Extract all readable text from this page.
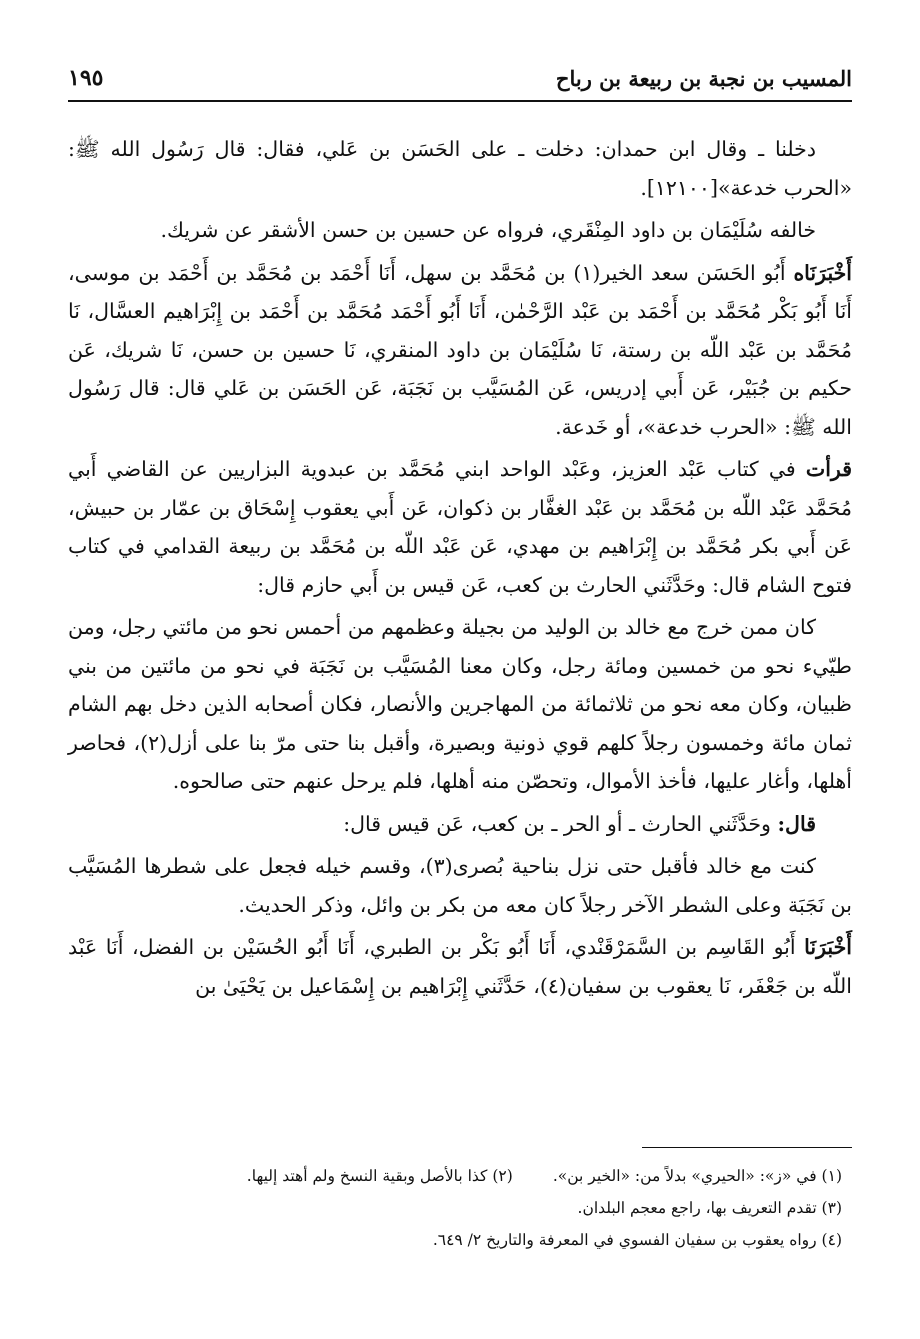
المسيب بن نجبة بن ربيعة بن رباح
١٩٥

دخلنا ـ وقال ابن حمدان: دخلت ـ على الحَسَن بن عَلي، فقال: قال رَسُول الله ﷺ: «الحرب خدعة»[١٢١٠٠].

خالفه سُلَيْمَان بن داود المِنْقَري، فرواه عن حسين بن حسن الأشقر عن شريك.

أَخْبَرَنَاه أَبُو الحَسَن سعد الخير(١) بن مُحَمَّد بن سهل، أَنَا أَحْمَد بن مُحَمَّد بن أَحْمَد بن موسى، أَنَا أَبُو بَكْر مُحَمَّد بن أَحْمَد بن عَبْد الرَّحْمٰن، أَنَا أَبُو أَحْمَد مُحَمَّد بن أَحْمَد بن إِبْرَاهيم العسَّال، نَا مُحَمَّد بن عَبْد اللّه بن رستة، نَا سُلَيْمَان بن داود المنقري، نَا حسين بن حسن، نَا شريك، عَن حكيم بن جُبَيْر، عَن أَبي إدريس، عَن المُسَيَّب بن نَجَبَة، عَن الحَسَن بن عَلي قال: قال رَسُول الله ﷺ: «الحرب خدعة»، أو خَدعة.

قرأت في كتاب عَبْد العزيز، وعَبْد الواحد ابني مُحَمَّد بن عبدوية البزاريين عن القاضي أَبي مُحَمَّد عَبْد اللّه بن مُحَمَّد بن عَبْد الغفَّار بن ذكوان، عَن أَبي يعقوب إِسْحَاق بن عمّار بن حبيش، عَن أَبي بكر مُحَمَّد بن إِبْرَاهيم بن مهدي، عَن عَبْد اللّه بن مُحَمَّد بن ربيعة القدامي في كتاب فتوح الشام قال: وحَدَّثَني الحارث بن كعب، عَن قيس بن أَبي حازم قال:

كان ممن خرج مع خالد بن الوليد من بجيلة وعظمهم من أحمس نحو من مائتي رجل، ومن طيّيء نحو من خمسين ومائة رجل، وكان معنا المُسَيَّب بن نَجَبَة في نحو من مائتين من بني ظبيان، وكان معه نحو من ثلاثمائة من المهاجرين والأنصار، فكان أصحابه الذين دخل بهم الشام ثمان مائة وخمسون رجلاً كلهم قوي ذونية وبصيرة، وأقبل بنا حتى مرّ بنا على أزل(٢)، فحاصر أهلها، وأغار عليها، فأخذ الأموال، وتحصّن منه أهلها، فلم يرحل عنهم حتى صالحوه.

قال: وحَدَّثَني الحارث ـ أو الحر ـ بن كعب، عَن قيس قال:

كنت مع خالد فأقبل حتى نزل بناحية بُصرى(٣)، وقسم خيله فجعل على شطرها المُسَيَّب بن نَجَبَة وعلى الشطر الآخر رجلاً كان معه من بكر بن وائل، وذكر الحديث.

أَخْبَرَنَا أَبُو القَاسِم بن السَّمَرْقَنْدي، أَنَا أَبُو بَكْر بن الطبري، أَنَا أَبُو الحُسَيْن بن الفضل، أَنَا عَبْد اللّه بن جَعْفَر، نَا يعقوب بن سفيان(٤)، حَدَّثَني إِبْرَاهيم بن إِسْمَاعيل بن يَحْيَىٰ بن

(١) في «ز»: «الحيري» بدلاً من: «الخير بن».
(٢) كذا بالأصل وبقية النسخ ولم أهتد إليها.
(٣) تقدم التعريف بها، راجع معجم البلدان.
(٤) رواه يعقوب بن سفيان الفسوي في المعرفة والتاريخ ٢/ ٦٤٩.
